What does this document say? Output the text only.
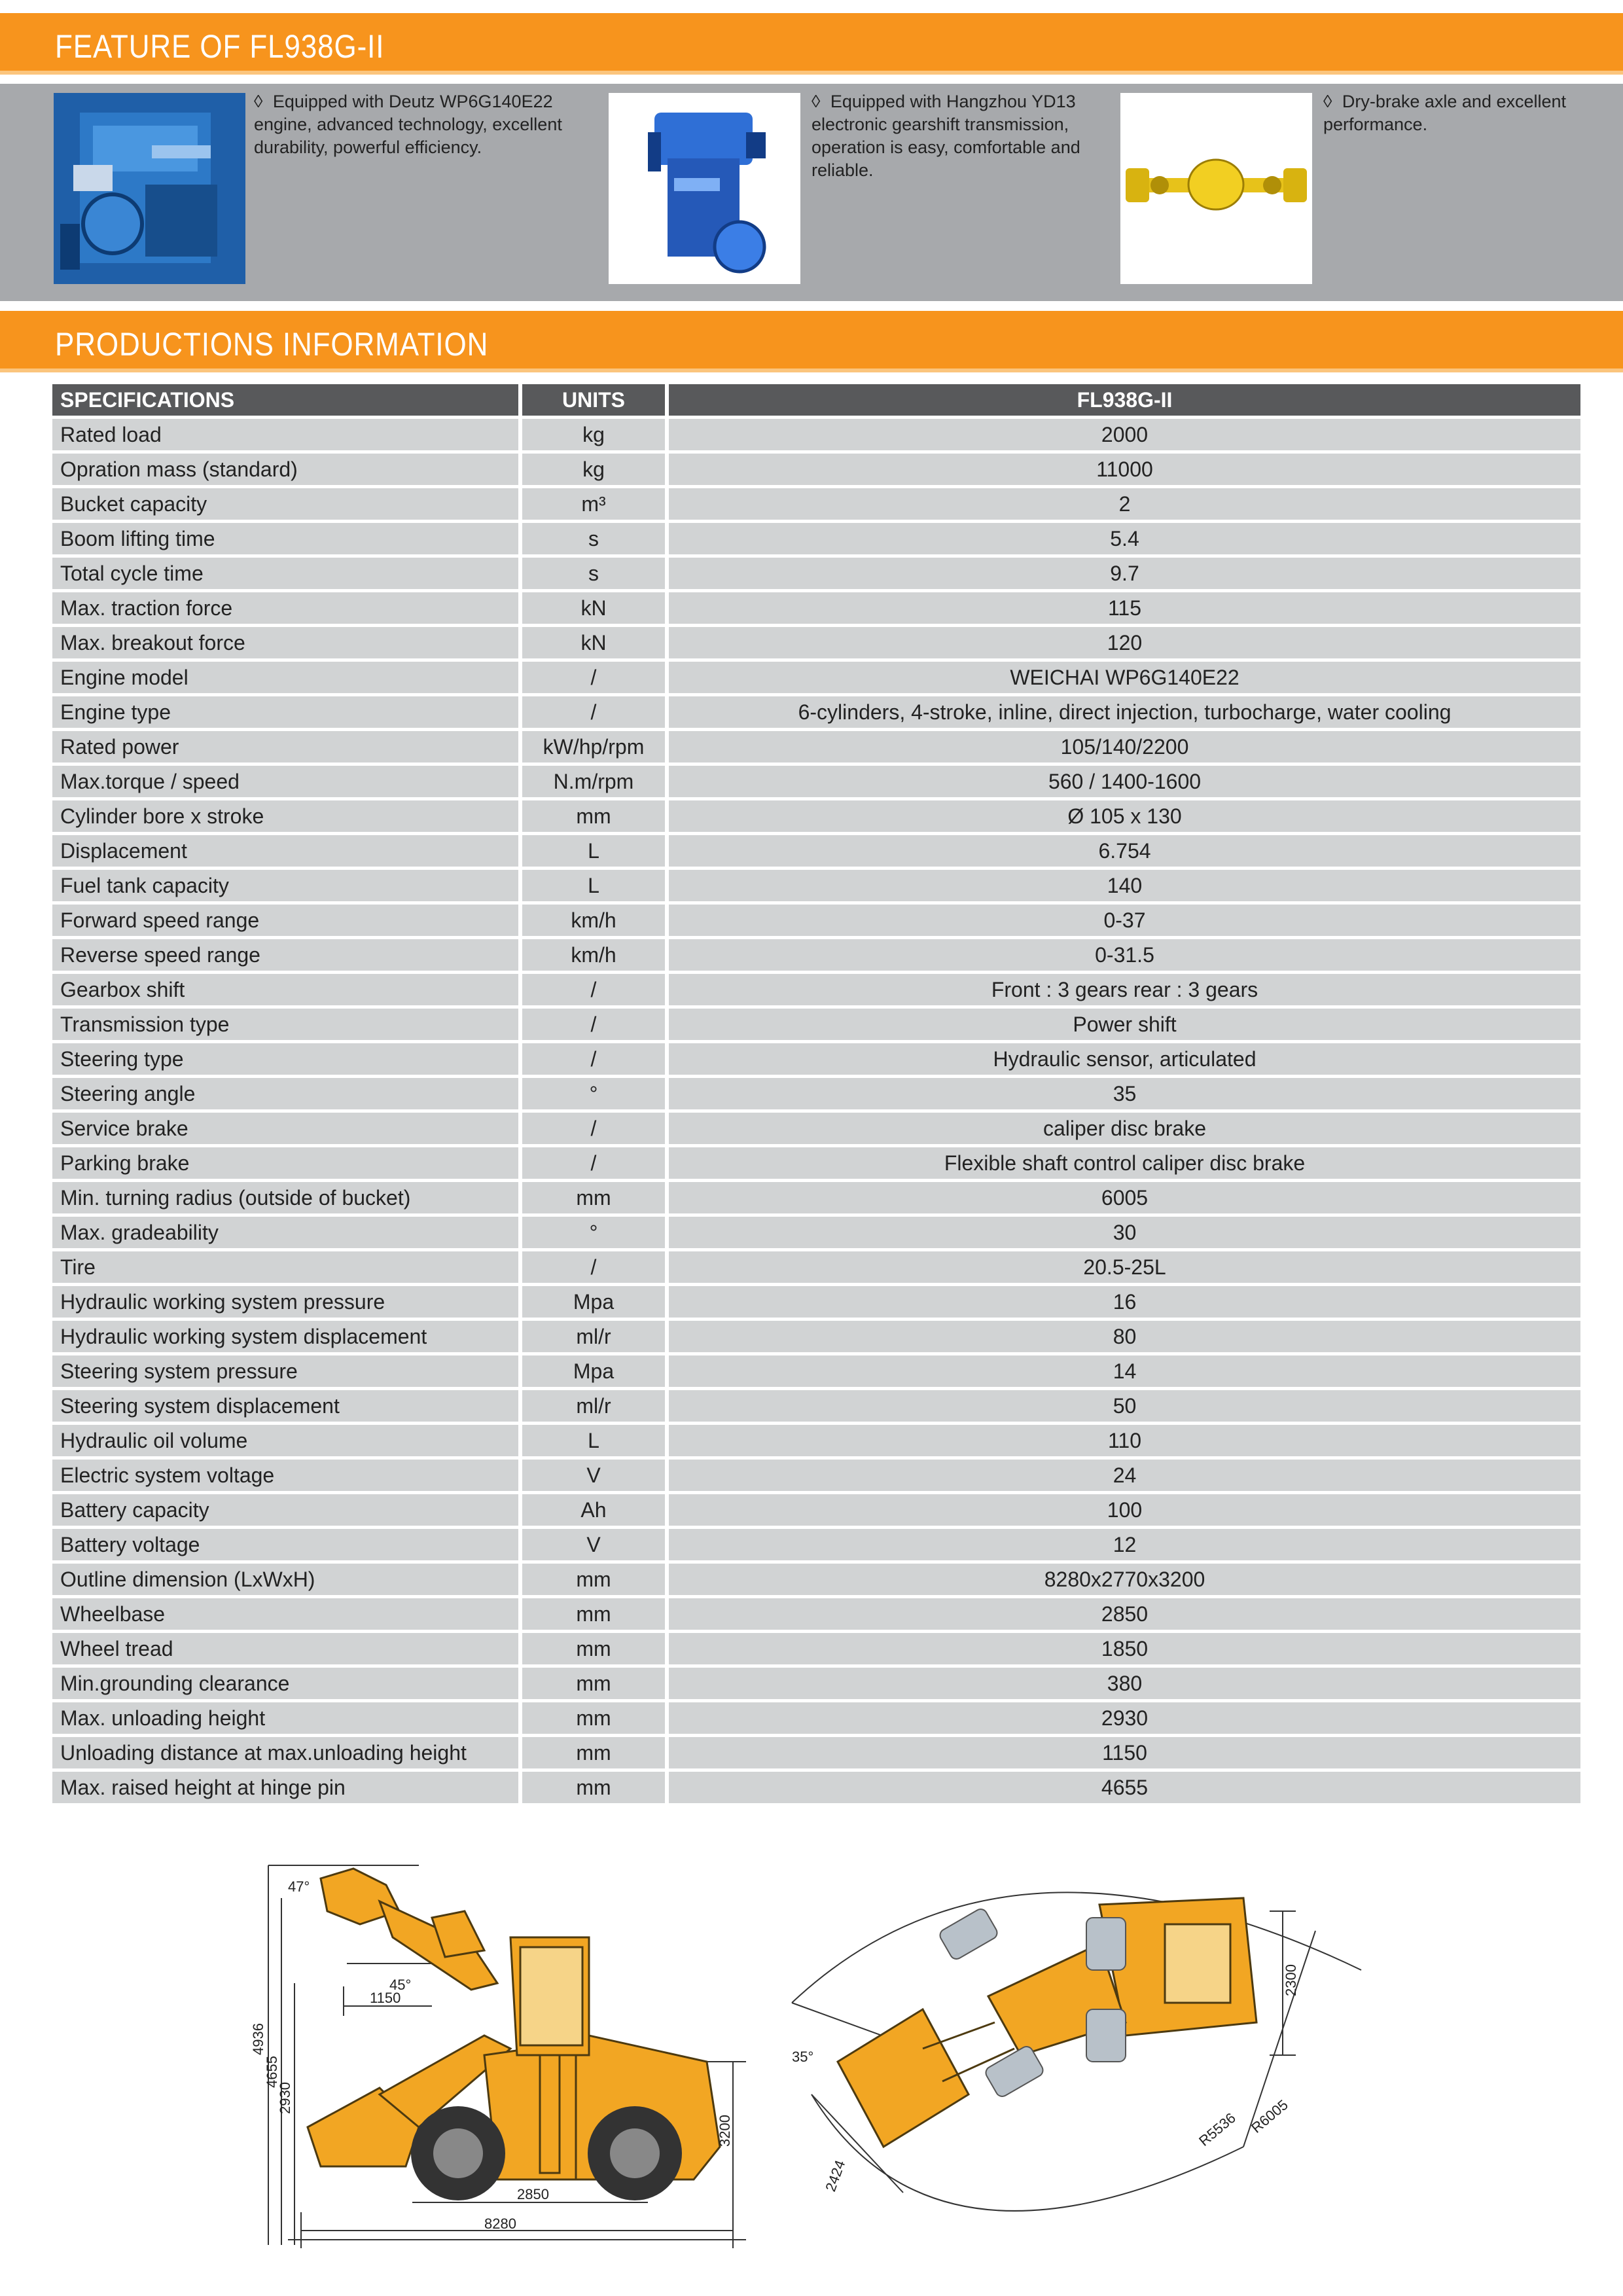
FEATURE OF FL938G-II
◊ Equipped with Deutz WP6G140E22 engine, advanced technology, excellent durability, powerful efficiency.
◊ Equipped with Hangzhou YD13 electronic gearshift transmission, operation is easy, comfortable and reliable.
◊ Dry-brake axle and excellent performance.
PRODUCTIONS INFORMATION
SPECIFICATIONS	UNITS	FL938G-II
Rated load	kg	2000
Opration mass (standard)	kg	11000
Bucket capacity	m³	2
Boom lifting time	s	5.4
Total cycle time	s	9.7
Max. traction force	kN	115
Max. breakout force	kN	120
Engine model	/	WEICHAI WP6G140E22
Engine type	/	6-cylinders, 4-stroke, inline, direct injection, turbocharge, water cooling
Rated power	kW/hp/rpm	105/140/2200
Max.torque / speed	N.m/rpm	560 / 1400-1600
Cylinder bore x stroke	mm	Ø 105 x 130
Displacement	L	6.754
Fuel tank capacity	L	140
Forward speed range	km/h	0-37
Reverse speed range	km/h	0-31.5
Gearbox shift	/	Front : 3 gears rear : 3 gears
Transmission type	/	Power shift
Steering type	/	Hydraulic sensor, articulated
Steering angle	°	35
Service brake	/	caliper disc brake
Parking brake	/	Flexible shaft control caliper disc brake
Min. turning radius (outside of bucket)	mm	6005
Max. gradeability	°	30
Tire	/	20.5-25L
Hydraulic working system pressure	Mpa	16
Hydraulic working system displacement	ml/r	80
Steering system pressure	Mpa	14
Steering system displacement	ml/r	50
Hydraulic oil volume	L	110
Electric system voltage	V	24
Battery capacity	Ah	100
Battery voltage	V	12
Outline dimension (LxWxH)	mm	8280x2770x3200
Wheelbase	mm	2850
Wheel tread	mm	1850
Min.grounding clearance	mm	380
Max. unloading height	mm	2930
Unloading distance at max.unloading height	mm	1150
Max. raised height at hinge pin	mm	4655
47°
45°
4936
4655
2930
1150
3200
2850
8280
2300
35°
2424
R5536 R6005
